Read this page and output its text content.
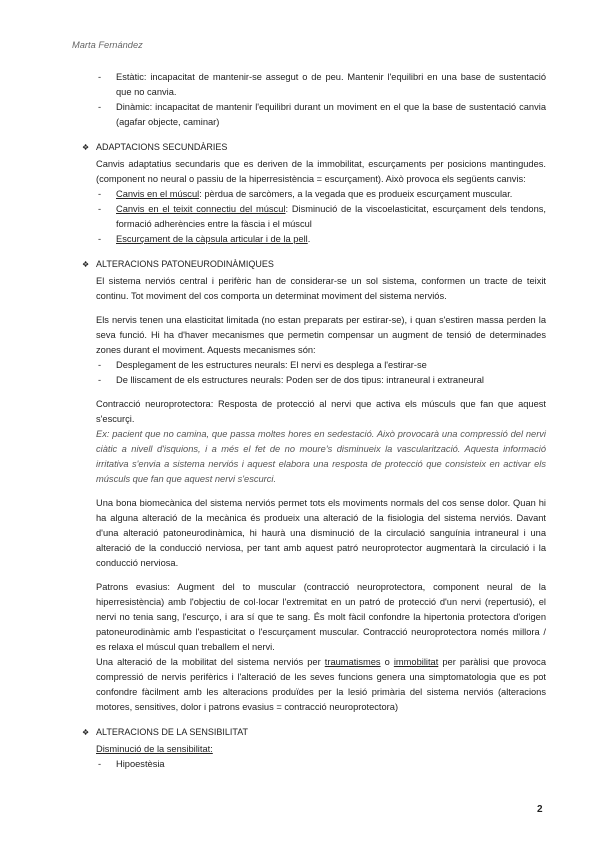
Marta Fernández
- Estàtic: incapacitat de mantenir-se assegut o de peu. Mantenir l'equilibri en una base de sustentació que no canvia.
- Dinàmic: incapacitat de mantenir l'equilibri durant un moviment en el que la base de sustentació canvia (agafar objecte, caminar)
❖ ADAPTACIONS SECUNDÀRIES

Canvis adaptatius secundaris que es deriven de la immobilitat, escurçaments per posicions mantingudes. (component no neural o passiu de la hiperresistència = escurçament). Això provoca els següents canvis:

- Canvis en el múscul: pèrdua de sarcòmers, a la vegada que es produeix escurçament muscular.
- Canvis en el teixit connectiu del múscul: Disminució de la viscoelasticitat, escurçament dels tendons, formació adherències entre la fàscia i el múscul
- Escurçament de la càpsula articular i de la pell.
❖ ALTERACIONS PATONEURODINÀMIQUES

El sistema nerviós central i perifèric han de considerar-se un sol sistema, conformen un tracte de teixit continu. Tot moviment del cos comporta un determinat moviment del sistema nerviós.

Els nervis tenen una elasticitat limitada (no estan preparats per estirar-se), i quan s'estiren massa perden la seva funció. Hi ha d'haver mecanismes que permetin compensar un augment de tensió de determinades zones durant el moviment. Aquests mecanismes són:

- Desplegament de les estructures neurals: El nervi es desplega a l'estirar-se
- De lliscament de els estructures neurals: Poden ser de dos tipus: intraneural i extraneural

Contracció neuroprotectora: Resposta de protecció al nervi que activa els músculs que fan que aquest s'escurçi.

Ex: pacient que no camina, que passa moltes hores en sedestació. Això provocarà una compressió del nervi ciàtic a nivell d'isquions, i a més el fet de no moure's disminueix la vascularització. Aquesta informació irritativa s'envia a sistema nerviós i aquest elabora una resposta de protecció que consisteix en activar els músculs que fan que aquest nervi s'escurci.

Una bona biomecànica del sistema nerviós permet tots els moviments normals del cos sense dolor. Quan hi ha alguna alteració de la mecànica és produeix una alteració de la fisiologia del sistema nerviós. Davant d'una alteració patoneurodinàmica, hi haurà una disminució de la circulació sanguínia intraneural i una alteració de la conducció nerviosa, per tant amb aquest patró neuroprotector augmentarà la circulació i la conducció nerviosa.

Patrons evasius: Augment del to muscular (contracció neuroprotectora, component neural de la hiperresistència) amb l'objectiu de col·locar l'extremitat en un patró de protecció d'un nervi (repertusió), el nervi no tenia sang, l'escurço, i ara sí que te sang. És molt fàcil confondre la hipertonia protectora d'origen patoneurodinàmic amb l'espasticitat o l'escurçament muscular. Contracció neuroprotectora només millora / es relaxa el múscul quan treballem el nervi.

Una alteració de la mobilitat del sistema nerviós per traumatismes o immobilitat per paràlisi que provoca compressió de nervis perifèrics i l'alteració de les seves funcions genera una simptomatologia que es pot confondre fàcilment amb les alteracions produïdes per la lesió primària del sistema nerviós (alteracions motores, sensitives, dolor i patrons evasius = contracció neuroprotectora)

❖ ALTERACIONS DE LA SENSIBILITAT

Disminució de la sensibilitat:

- Hipoestèsia
2
